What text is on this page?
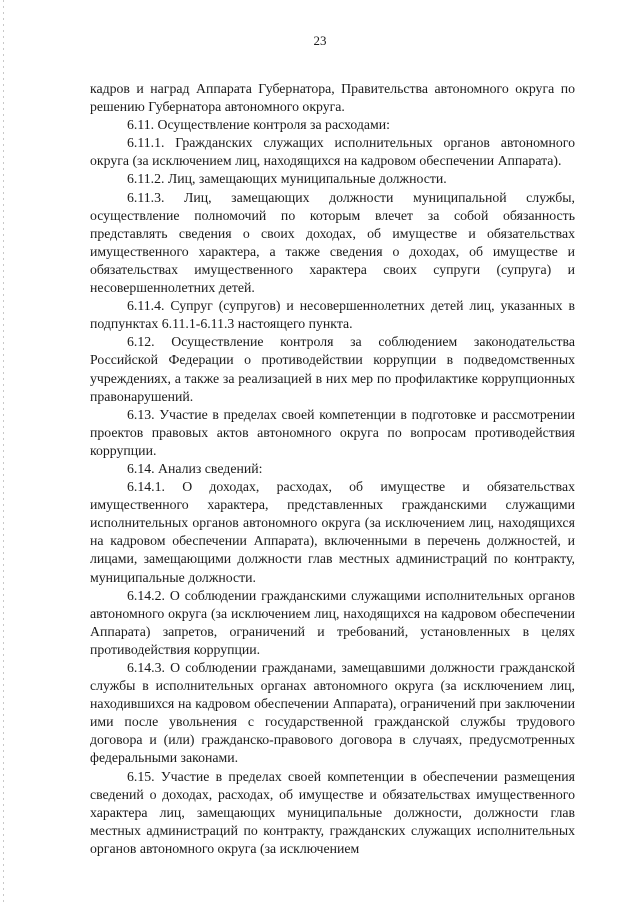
23

кадров и наград Аппарата Губернатора, Правительства автономного округа по решению Губернатора автономного округа.

6.11. Осуществление контроля за расходами:

6.11.1. Гражданских служащих исполнительных органов автономного округа (за исключением лиц, находящихся на кадровом обеспечении Аппарата).

6.11.2. Лиц, замещающих муниципальные должности.

6.11.3. Лиц, замещающих должности муниципальной службы, осуществление полномочий по которым влечет за собой обязанность представлять сведения о своих доходах, об имуществе и обязательствах имущественного характера, а также сведения о доходах, об имуществе и обязательствах имущественного характера своих супруги (супруга) и несовершеннолетних детей.

6.11.4. Супруг (супругов) и несовершеннолетних детей лиц, указанных в подпунктах 6.11.1-6.11.3 настоящего пункта.

6.12. Осуществление контроля за соблюдением законодательства Российской Федерации о противодействии коррупции в подведомственных учреждениях, а также за реализацией в них мер по профилактике коррупционных правонарушений.

6.13. Участие в пределах своей компетенции в подготовке и рассмотрении проектов правовых актов автономного округа по вопросам противодействия коррупции.

6.14. Анализ сведений:

6.14.1. О доходах, расходах, об имуществе и обязательствах имущественного характера, представленных гражданскими служащими исполнительных органов автономного округа (за исключением лиц, находящихся на кадровом обеспечении Аппарата), включенными в перечень должностей, и лицами, замещающими должности глав местных администраций по контракту, муниципальные должности.

6.14.2. О соблюдении гражданскими служащими исполнительных органов автономного округа (за исключением лиц, находящихся на кадровом обеспечении Аппарата) запретов, ограничений и требований, установленных в целях противодействия коррупции.

6.14.3. О соблюдении гражданами, замещавшими должности гражданской службы в исполнительных органах автономного округа (за исключением лиц, находившихся на кадровом обеспечении Аппарата), ограничений при заключении ими после увольнения с государственной гражданской службы трудового договора и (или) гражданско-правового договора в случаях, предусмотренных федеральными законами.

6.15. Участие в пределах своей компетенции в обеспечении размещения сведений о доходах, расходах, об имуществе и обязательствах имущественного характера лиц, замещающих муниципальные должности, должности глав местных администраций по контракту, гражданских служащих исполнительных органов автономного округа (за исключением
